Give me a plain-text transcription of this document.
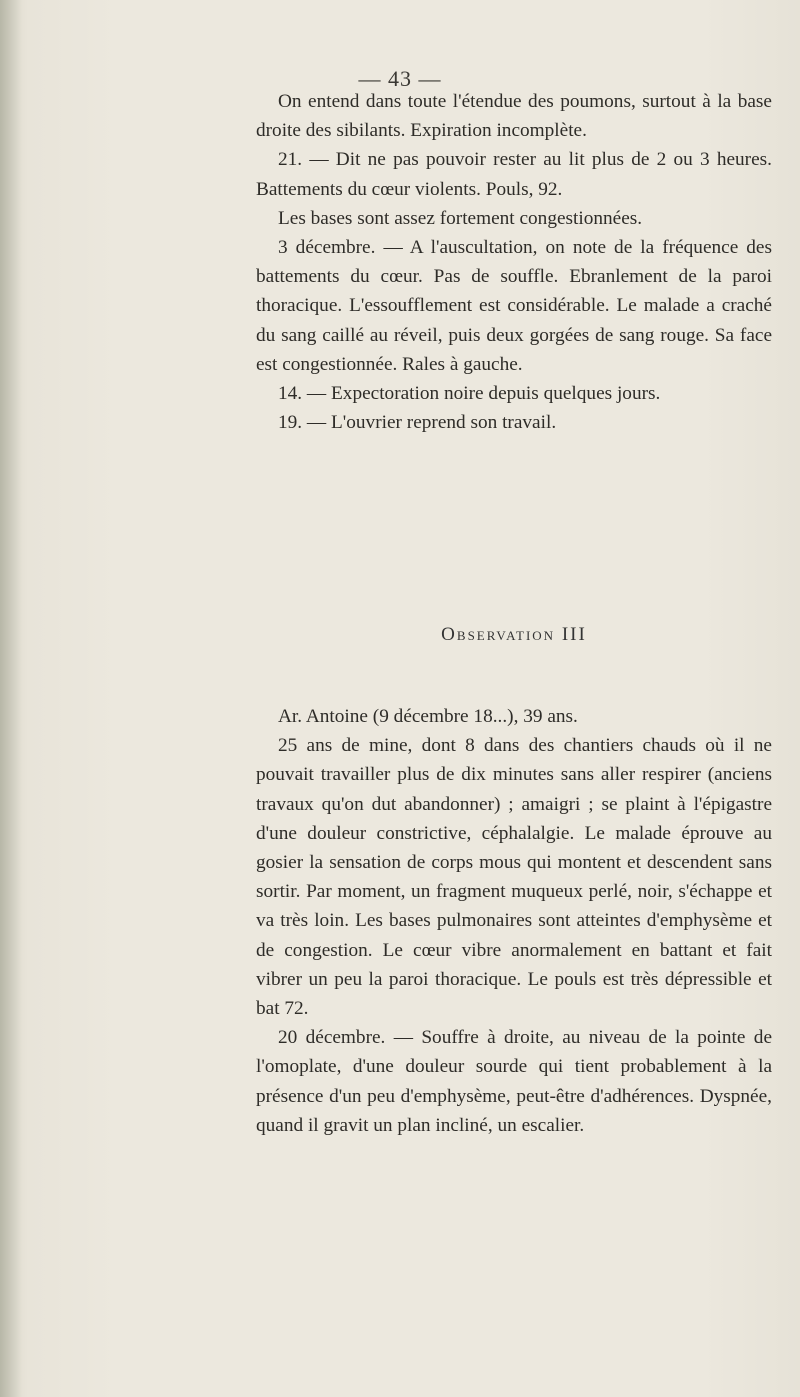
— 43 —

On entend dans toute l'étendue des poumons, surtout à la base droite des sibilants. Expiration incomplète.

21. — Dit ne pas pouvoir rester au lit plus de 2 ou 3 heures. Battements du cœur violents. Pouls, 92.

Les bases sont assez fortement congestionnées.

3 décembre. — A l'auscultation, on note de la fréquence des battements du cœur. Pas de souffle. Ebranlement de la paroi thoracique. L'essoufflement est considérable. Le malade a craché du sang caillé au réveil, puis deux gorgées de sang rouge. Sa face est congestionnée. Rales à gauche.

14. — Expectoration noire depuis quelques jours.

19. — L'ouvrier reprend son travail.

Observation III

Ar. Antoine (9 décembre 18...), 39 ans.

25 ans de mine, dont 8 dans des chantiers chauds où il ne pouvait travailler plus de dix minutes sans aller respirer (anciens travaux qu'on dut abandonner) ; amaigri ; se plaint à l'épigastre d'une douleur constrictive, céphalalgie. Le malade éprouve au gosier la sensation de corps mous qui montent et descendent sans sortir. Par moment, un fragment muqueux perlé, noir, s'échappe et va très loin. Les bases pulmonaires sont atteintes d'emphysème et de congestion. Le cœur vibre anormalement en battant et fait vibrer un peu la paroi thoracique. Le pouls est très dépressible et bat 72.

20 décembre. — Souffre à droite, au niveau de la pointe de l'omoplate, d'une douleur sourde qui tient probablement à la présence d'un peu d'emphysème, peut-être d'adhérences. Dyspnée, quand il gravit un plan incliné, un escalier.
